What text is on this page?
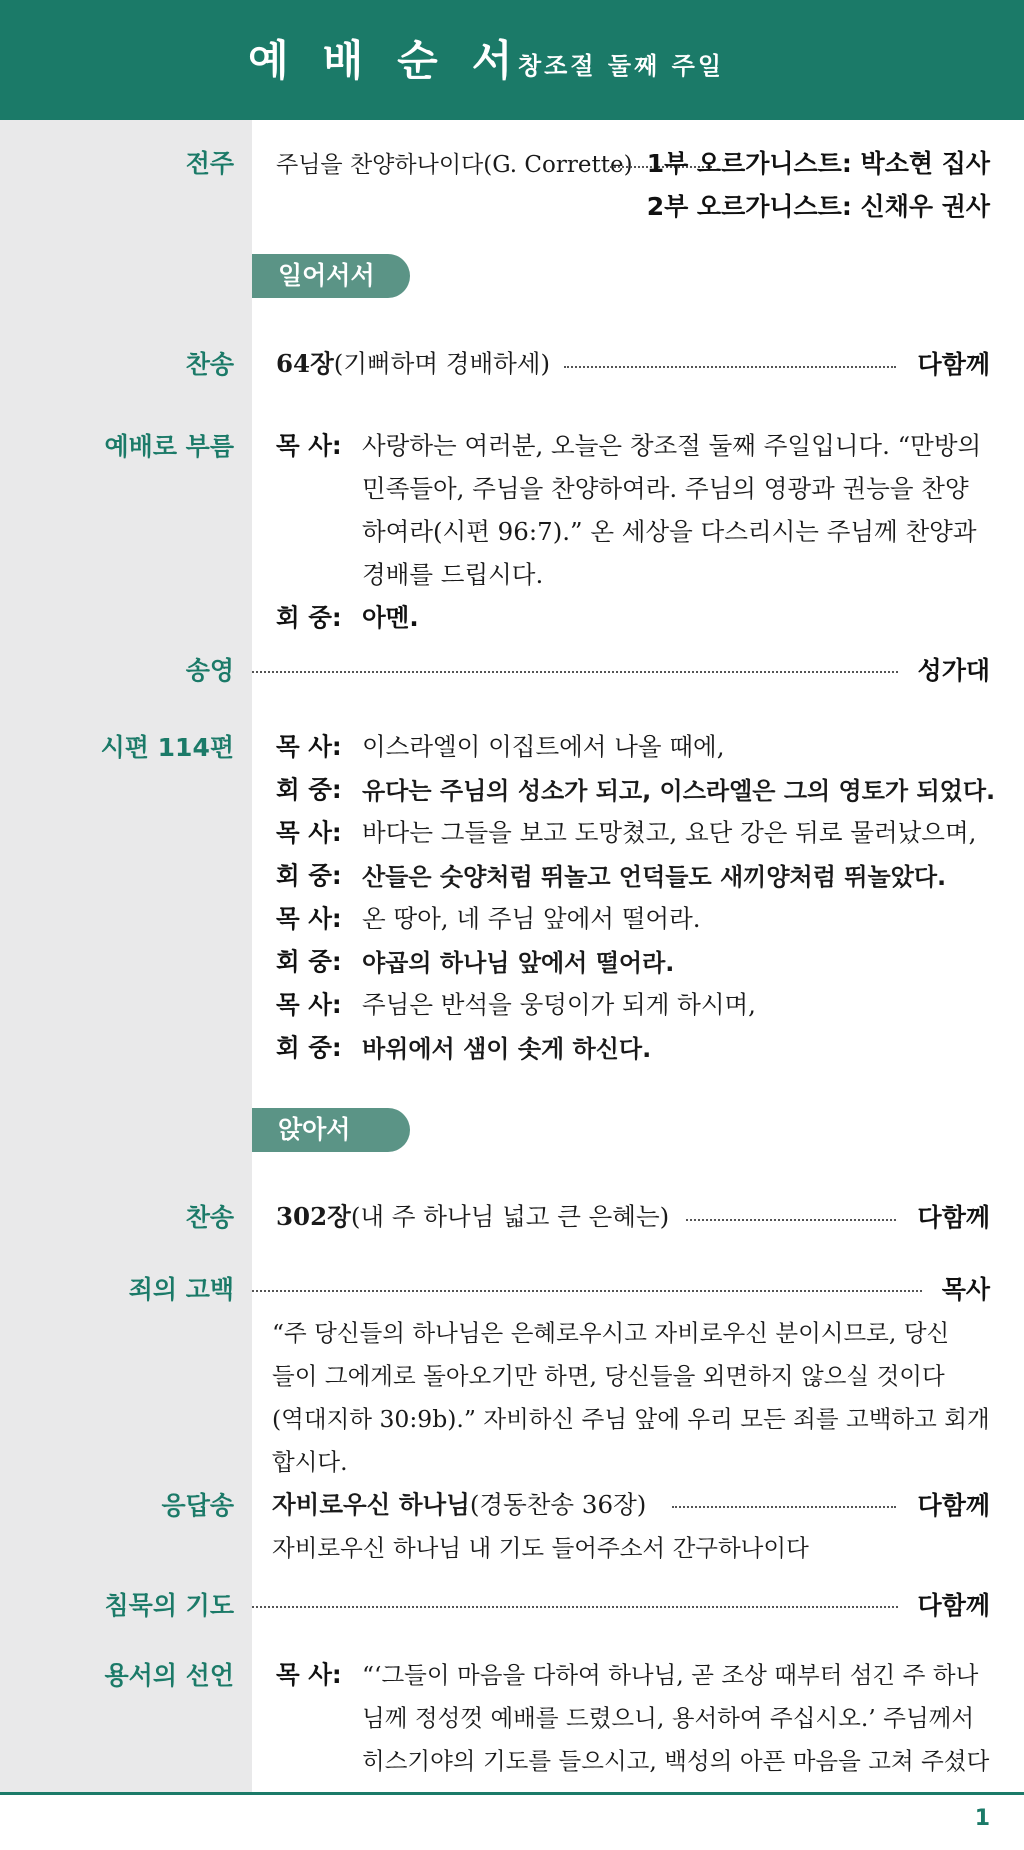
예배순서
창조절 둘째 주일
전주 주님을 찬양하나이다(G. Corrette) 1부 오르가니스트: 박소현 집사
2부 오르가니스트: 신채우 권사
일어서서
찬송 64장(기뻐하며 경배하세)	다함께
예배로 부름 목 사: 사랑하는 여러분, 오늘은 창조절 둘째 주일입니다. “만방의
민족들아, 주님을 찬양하여라. 주님의 영광과 권능을 찬양
하여라(시편 96:7).” 온 세상을 다스리시는 주님께 찬양과
경배를 드립시다.
회 중: 아멘.
송영	성가대
시편 114편 목 사: 이스라엘이 이집트에서 나올 때에,
회 중: 유다는 주님의 성소가 되고, 이스라엘은 그의 영토가 되었다.
목 사: 바다는 그들을 보고 도망쳤고, 요단 강은 뒤로 물러났으며,
회 중: 산들은 숫양처럼 뛰놀고 언덕들도 새끼양처럼 뛰놀았다.
목 사: 온 땅아, 네 주님 앞에서 떨어라.
회 중: 야곱의 하나님 앞에서 떨어라.
목 사: 주님은 반석을 웅덩이가 되게 하시며,
회 중: 바위에서 샘이 솟게 하신다.
앉아서
찬송 302장(내 주 하나님 넓고 큰 은혜는)	다함께
죄의 고백	목사
“주 당신들의 하나님은 은혜로우시고 자비로우신 분이시므로, 당신
들이 그에게로 돌아오기만 하면, 당신들을 외면하지 않으실 것이다
(역대지하 30:9b).” 자비하신 주님 앞에 우리 모든 죄를 고백하고 회개
합시다.
응답송 자비로우신 하나님(경동찬송 36장)	다함께
자비로우신 하나님 내 기도 들어주소서 간구하나이다
침묵의 기도	다함께
용서의 선언 목 사: “‘그들이 마음을 다하여 하나님, 곧 조상 때부터 섬긴 주 하나
님께 정성껏 예배를 드렸으니, 용서하여 주십시오.’ 주님께서
히스기야의 기도를 들으시고, 백성의 아픈 마음을 고쳐 주셨다
1
